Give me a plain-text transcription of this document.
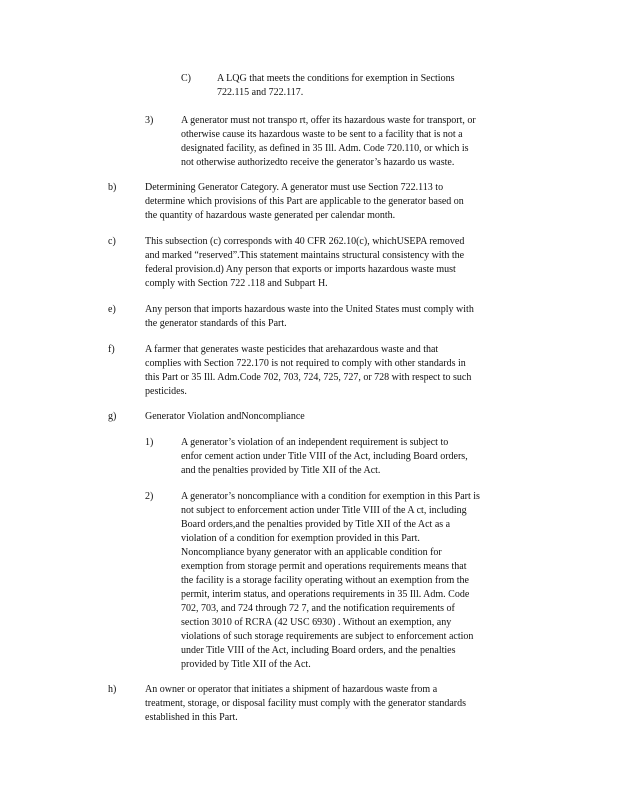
C)	A LQG that meets the conditions for exemption in Sections
722.115 and 722.117.
3)	A generator must not transpo rt, offer its hazardous waste for transport, or
otherwise cause its hazardous waste to be sent to a facility that is not a
designated facility, as defined in 35 Ill. Adm. Code 720.110, or which is
not otherwise authorizedto receive the generator’s hazardo us waste.
b)	Determining Generator Category. A generator must use Section 722.113 to
determine which provisions of this Part are applicable to the generator based on
the quantity of hazardous waste generated per calendar month.
c)	This subsection (c) corresponds with 40 CFR 262.10(c), whichUSEPA removed
and marked “reserved”.This statement maintains structural consistency with the
federal provision.d) Any person that exports or imports hazardous waste must
comply with Section 722 .118 and Subpart H.
e)	Any person that imports hazardous waste into the United States must comply with
the generator standards of this Part.
f)	A farmer that generates waste pesticides that arehazardous waste and that
complies with Section 722.170 is not required to comply with other standards in
this Part or 35 Ill. Adm.Code 702, 703, 724, 725, 727, or 728 with respect to such
pesticides.
g)	Generator Violation andNoncompliance
1)	A generator’s violation of an independent requirement is subject to
enfor cement action under Title VIII of the Act, including Board orders,
and the penalties provided by Title XII of the Act.
2)	A generator’s noncompliance with a condition for exemption in this Part is
not subject to enforcement action under Title VIII of the A ct, including
Board orders,and the penalties provided by Title XII of the Act as a
violation of a condition for exemption provided in this Part.
Noncompliance byany generator with an applicable condition for
exemption from storage permit and operations requirements means that
the facility is a storage facility operating without an exemption from the
permit, interim status, and operations requirements in 35 Ill. Adm. Code
702, 703, and 724 through 72 7, and the notification requirements of
section 3010 of RCRA (42 USC 6930) . Without an exemption, any
violations of such storage requirements are subject to enforcement action
under Title VIII of the Act, including Board orders, and the penalties
provided by Title XII of the Act.
h)	An owner or operator that initiates a shipment of hazardous waste from a
treatment, storage, or disposal facility must comply with the generator standards
established in this Part.
